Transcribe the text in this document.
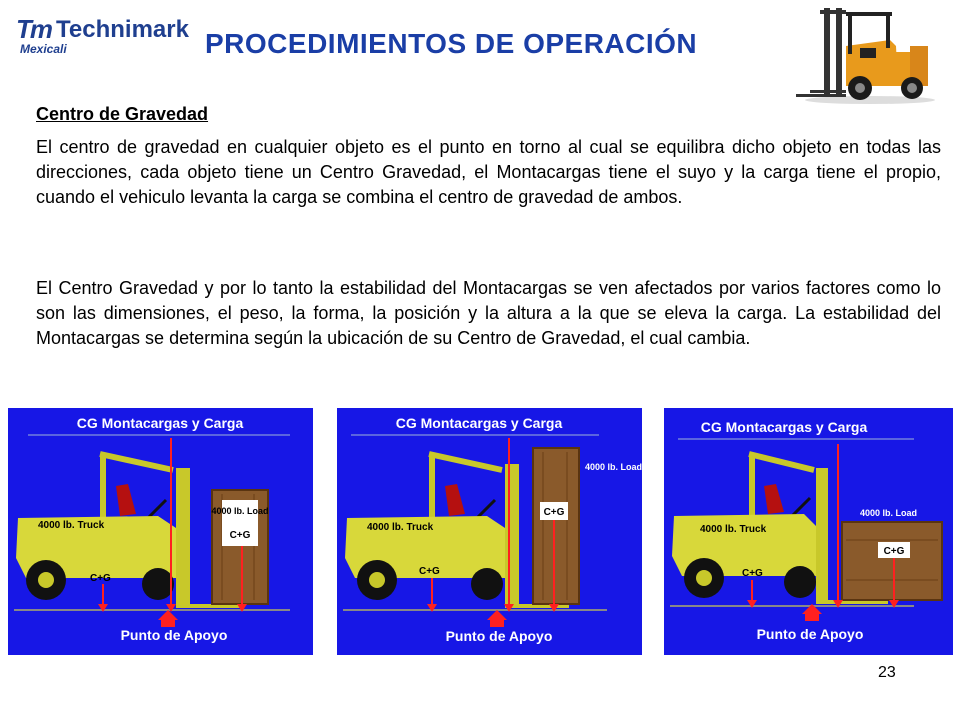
Tm Technimark
Mexicali	PROCEDIMIENTOS DE OPERACIÓN
Centro de Gravedad

El centro de gravedad en cualquier objeto es el punto en torno al cual se equilibra dicho objeto en todas las direcciones, cada objeto tiene un Centro Gravedad, el Montacargas tiene el suyo y la carga tiene el propio, cuando el vehiculo levanta la carga se combina el centro de gravedad de ambos.

El Centro Gravedad y por lo tanto la estabilidad del Montacargas se ven afectados por varios factores como lo son las dimensiones, el peso, la forma, la posición y la altura a la que se eleva la carga. La estabilidad del Montacargas se determina según la ubicación de su Centro de Gravedad, el cual cambia.

CG Montacargas y Carga
4000 lb. Truck
C+G
4000 lb. Load
C+G
Punto de Apoyo
CG Montacargas y Carga
4000 lb. Truck
C+G
C+G
4000 lb. Load
Punto de Apoyo
CG Montacargas y Carga
4000 lb. Truck
C+G
C+G
4000 lb. Load
Punto de Apoyo

23
